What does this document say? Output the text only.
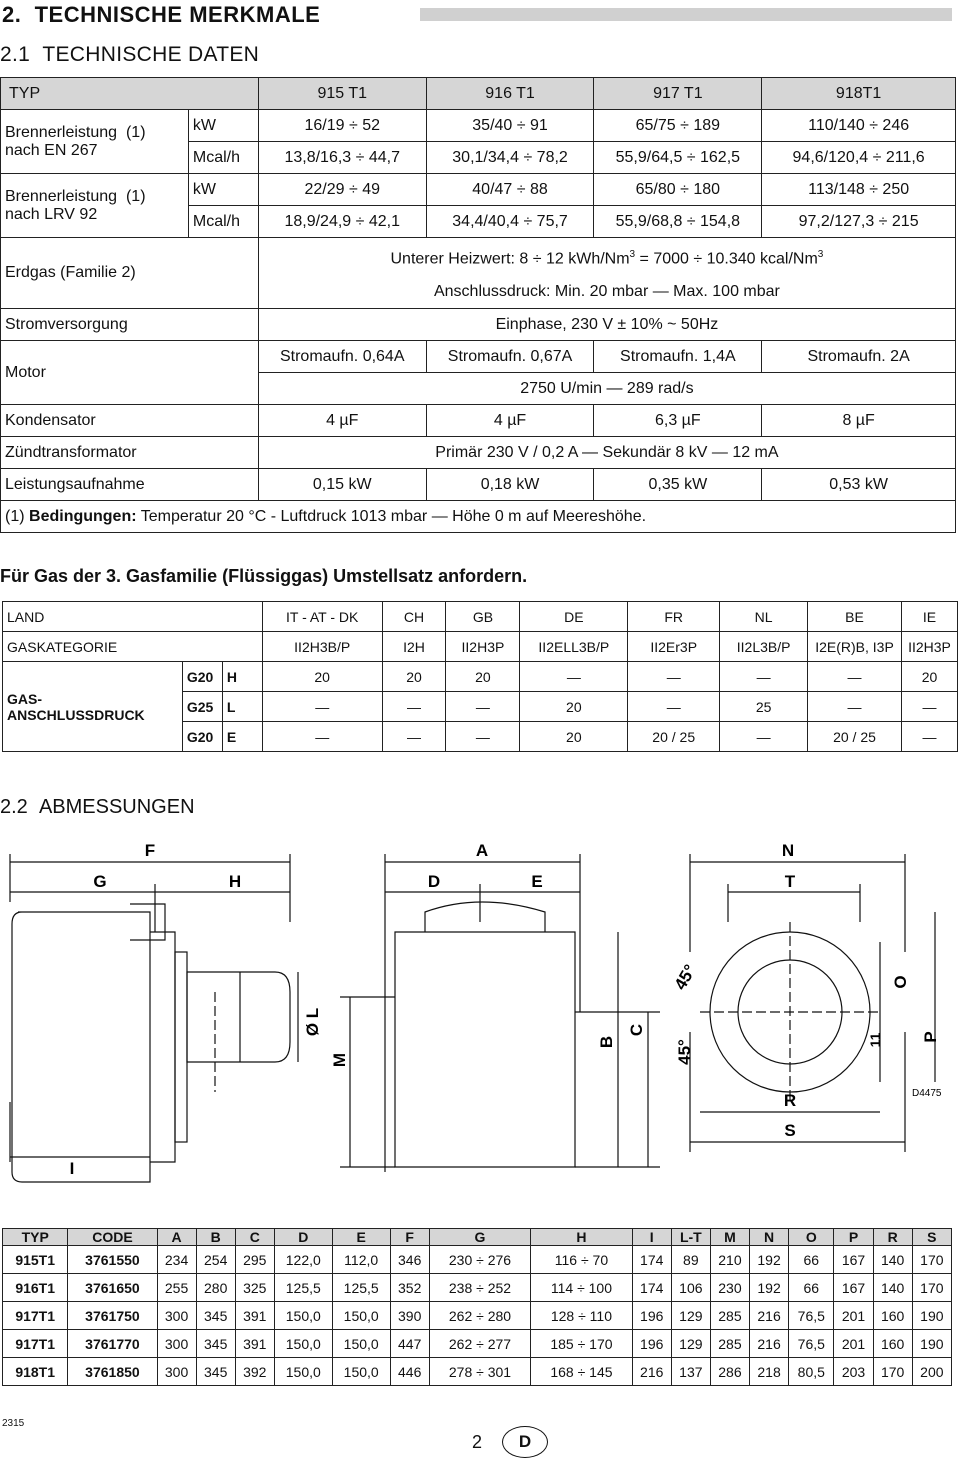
2. TECHNISCHE MERKMALE
2.1 TECHNISCHE DATEN
TYP		915 T1	916 T1	917 T1	918T1
Brennerleistung (1)
nach EN 267	kW	16/19 ÷ 52	35/40 ÷ 91	65/75 ÷ 189	110/140 ÷ 246
	Mcal/h	13,8/16,3 ÷ 44,7	30,1/34,4 ÷ 78,2	55,9/64,5 ÷ 162,5	94,6/120,4 ÷ 211,6
Brennerleistung (1)
nach LRV 92	kW	22/29 ÷ 49	40/47 ÷ 88	65/80 ÷ 180	113/148 ÷ 250
	Mcal/h	18,9/24,9 ÷ 42,1	34,4/40,4 ÷ 75,7	55,9/68,8 ÷ 154,8	97,2/127,3 ÷ 215
Erdgas (Familie 2)		Unterer Heizwert: 8 ÷ 12 kWh/$Nm^3 = 7000 \div 10.340$ kcal/Nm$^3$
Anschlussdruck: Min. 20 mbar — Max. 100 mbar			

Stromversorgung		Einphase, 230 V ± 10% ~ 50Hz			
Motor		Stromaufn. 0,64A	Stromaufn. 0,67A	Stromaufn. 1,4A	Stromaufn. 2A
		2750 U/min — 289 rad/s			
Kondensator		4 µF	4 µF	6,3 µF	8 µF
Zündtransformator		Primär 230 V / 0,2 A — Sekundär 8 kV — 12 mA			
Leistungsaufnahme		0,15 kW	0,18 kW	0,35 kW	0,53 kW
(1) Bedingungen: Temperatur 20 °C - Luftdruck 1013 mbar — Höhe 0 m auf Meereshöhe.					
Für Gas der 3. Gasfamilie (Flüssiggas) Umstellsatz anfordern.
LAND			IT - AT - DK	CH	GB	DE	FR	NL	BE	IE
GASKATEGORIE			II2H3B/P	I2H	II2H3P	II2ELL3B/P	II2Er3P	II2L3B/P	I2E(R)B, I3P	II2H3P
GAS-
ANSCHLUSSDRUCK	G20	H	20	20	20	—	—	—	—	20
	G25	L	—	—	—	20	—	25	—	—
	G20	E	—	—	—	20	20 / 25	—	20 / 25	—
2.2 ABMESSUNGEN
F
G	H
A
D	E
N
T
Ø L
M
B
C
R
S
I
O
P
11
45°
45°
D4475
TYP	CODE	A	B	C	D	E	F	G	H	I	L-T	M	N	O	P	R	S
915T1	3761550	234	254	295	122,0	112,0	346	230 ÷ 276	116 ÷ 70	174	89	210	192	66	167	140	170
916T1	3761650	255	280	325	125,5	125,5	352	238 ÷ 252	114 ÷ 100	174	106	230	192	66	167	140	170
917T1	3761750	300	345	391	150,0	150,0	390	262 ÷ 280	128 ÷ 110	196	129	285	216	76,5	201	160	190
917T1	3761770	300	345	391	150,0	150,0	447	262 ÷ 277	185 ÷ 170	196	129	285	216	76,5	201	160	190
918T1	3761850	300	345	392	150,0	150,0	446	278 ÷ 301	168 ÷ 145	216	137	286	218	80,5	203	170	200
2315
2	D
